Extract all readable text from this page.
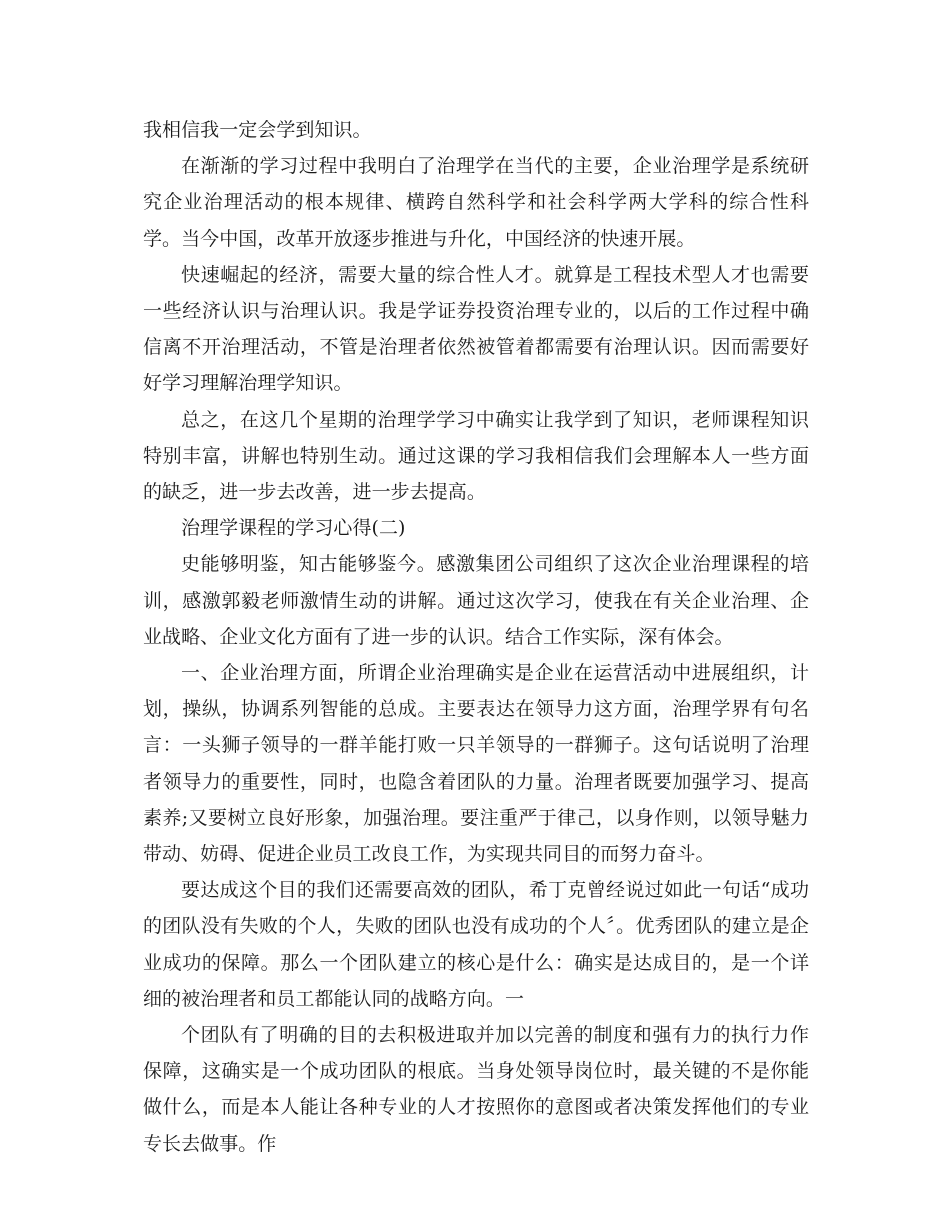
我相信我一定会学到知识。

在渐渐的学习过程中我明白了治理学在当代的主要，企业治理学是系统研究企业治理活动的根本规律、横跨自然科学和社会科学两大学科的综合性科学。当今中国，改革开放逐步推进与升化，中国经济的快速开展。

快速崛起的经济，需要大量的综合性人才。就算是工程技术型人才也需要一些经济认识与治理认识。我是学证券投资治理专业的，以后的工作过程中确信离不开治理活动，不管是治理者依然被管着都需要有治理认识。因而需要好好学习理解治理学知识。

总之，在这几个星期的治理学学习中确实让我学到了知识，老师课程知识特别丰富，讲解也特别生动。通过这课的学习我相信我们会理解本人一些方面的缺乏，进一步去改善，进一步去提高。

治理学课程的学习心得(二)

史能够明鉴，知古能够鉴今。感激集团公司组织了这次企业治理课程的培训，感激郭毅老师激情生动的讲解。通过这次学习，使我在有关企业治理、企业战略、企业文化方面有了进一步的认识。结合工作实际，深有体会。

一、企业治理方面，所谓企业治理确实是企业在运营活动中进展组织，计划，操纵，协调系列智能的总成。主要表达在领导力这方面，治理学界有句名言：一头狮子领导的一群羊能打败一只羊领导的一群狮子。这句话说明了治理者领导力的重要性，同时，也隐含着团队的力量。治理者既要加强学习、提高素养;又要树立良好形象，加强治理。要注重严于律己，以身作则，以领导魅力带动、妨碍、促进企业员工改良工作，为实现共同目的而努力奋斗。

要达成这个目的我们还需要高效的团队，希丁克曾经说过如此一句话“成功的团队没有失败的个人，失败的团队也没有成功的个人〞。优秀团队的建立是企业成功的保障。那么一个团队建立的核心是什么：确实是达成目的，是一个详细的被治理者和员工都能认同的战略方向。一

个团队有了明确的目的去积极进取并加以完善的制度和强有力的执行力作保障，这确实是一个成功团队的根底。当身处领导岗位时，最关键的不是你能做什么，而是本人能让各种专业的人才按照你的意图或者决策发挥他们的专业专长去做事。作
